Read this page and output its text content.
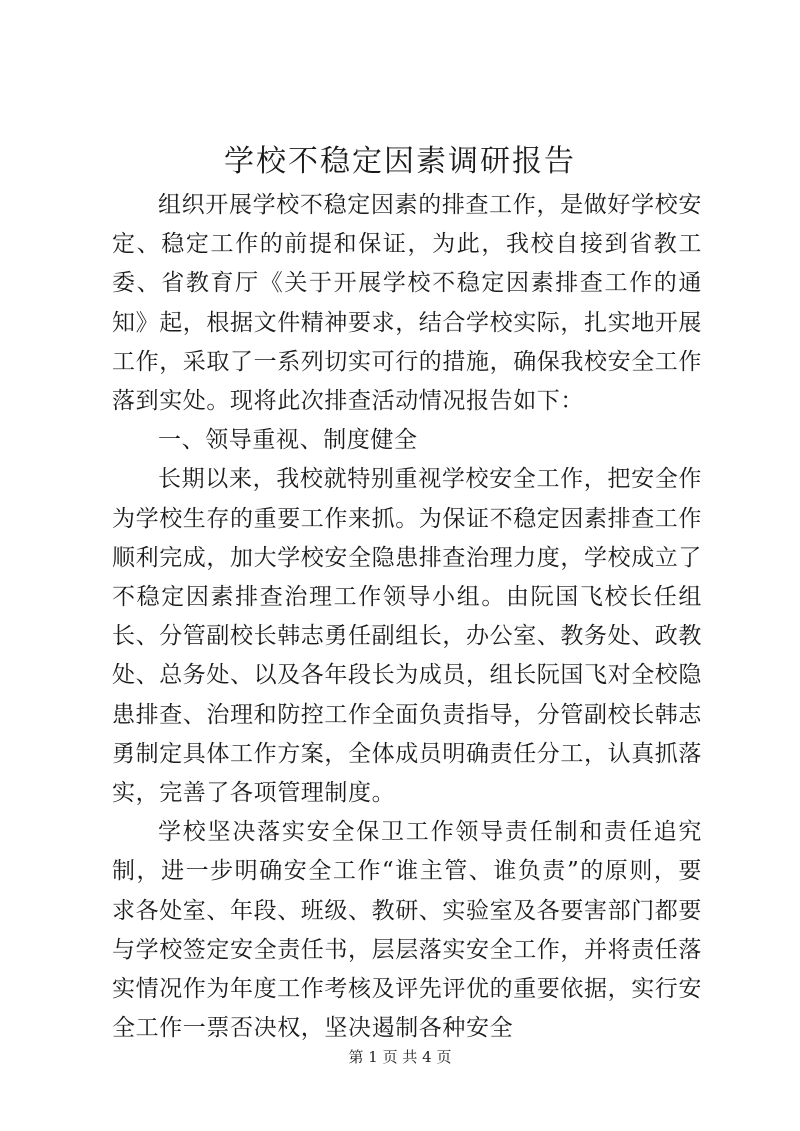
学校不稳定因素调研报告

组织开展学校不稳定因素的排查工作，是做好学校安定、稳定工作的前提和保证，为此，我校自接到省教工委、省教育厅《关于开展学校不稳定因素排查工作的通知》起，根据文件精神要求，结合学校实际，扎实地开展工作，采取了一系列切实可行的措施，确保我校安全工作落到实处。现将此次排查活动情况报告如下：

一、领导重视、制度健全

长期以来，我校就特别重视学校安全工作，把安全作为学校生存的重要工作来抓。为保证不稳定因素排查工作顺利完成，加大学校安全隐患排查治理力度，学校成立了不稳定因素排查治理工作领导小组。由阮国飞校长任组长、分管副校长韩志勇任副组长，办公室、教务处、政教处、总务处、以及各年段长为成员，组长阮国飞对全校隐患排查、治理和防控工作全面负责指导，分管副校长韩志勇制定具体工作方案，全体成员明确责任分工，认真抓落实，完善了各项管理制度。

学校坚决落实安全保卫工作领导责任制和责任追究制，进一步明确安全工作“谁主管、谁负责”的原则，要求各处室、年段、班级、教研、实验室及各要害部门都要与学校签定安全责任书，层层落实安全工作，并将责任落实情况作为年度工作考核及评先评优的重要依据，实行安全工作一票否决权，坚决遏制各种安全

第 1 页 共 4 页
